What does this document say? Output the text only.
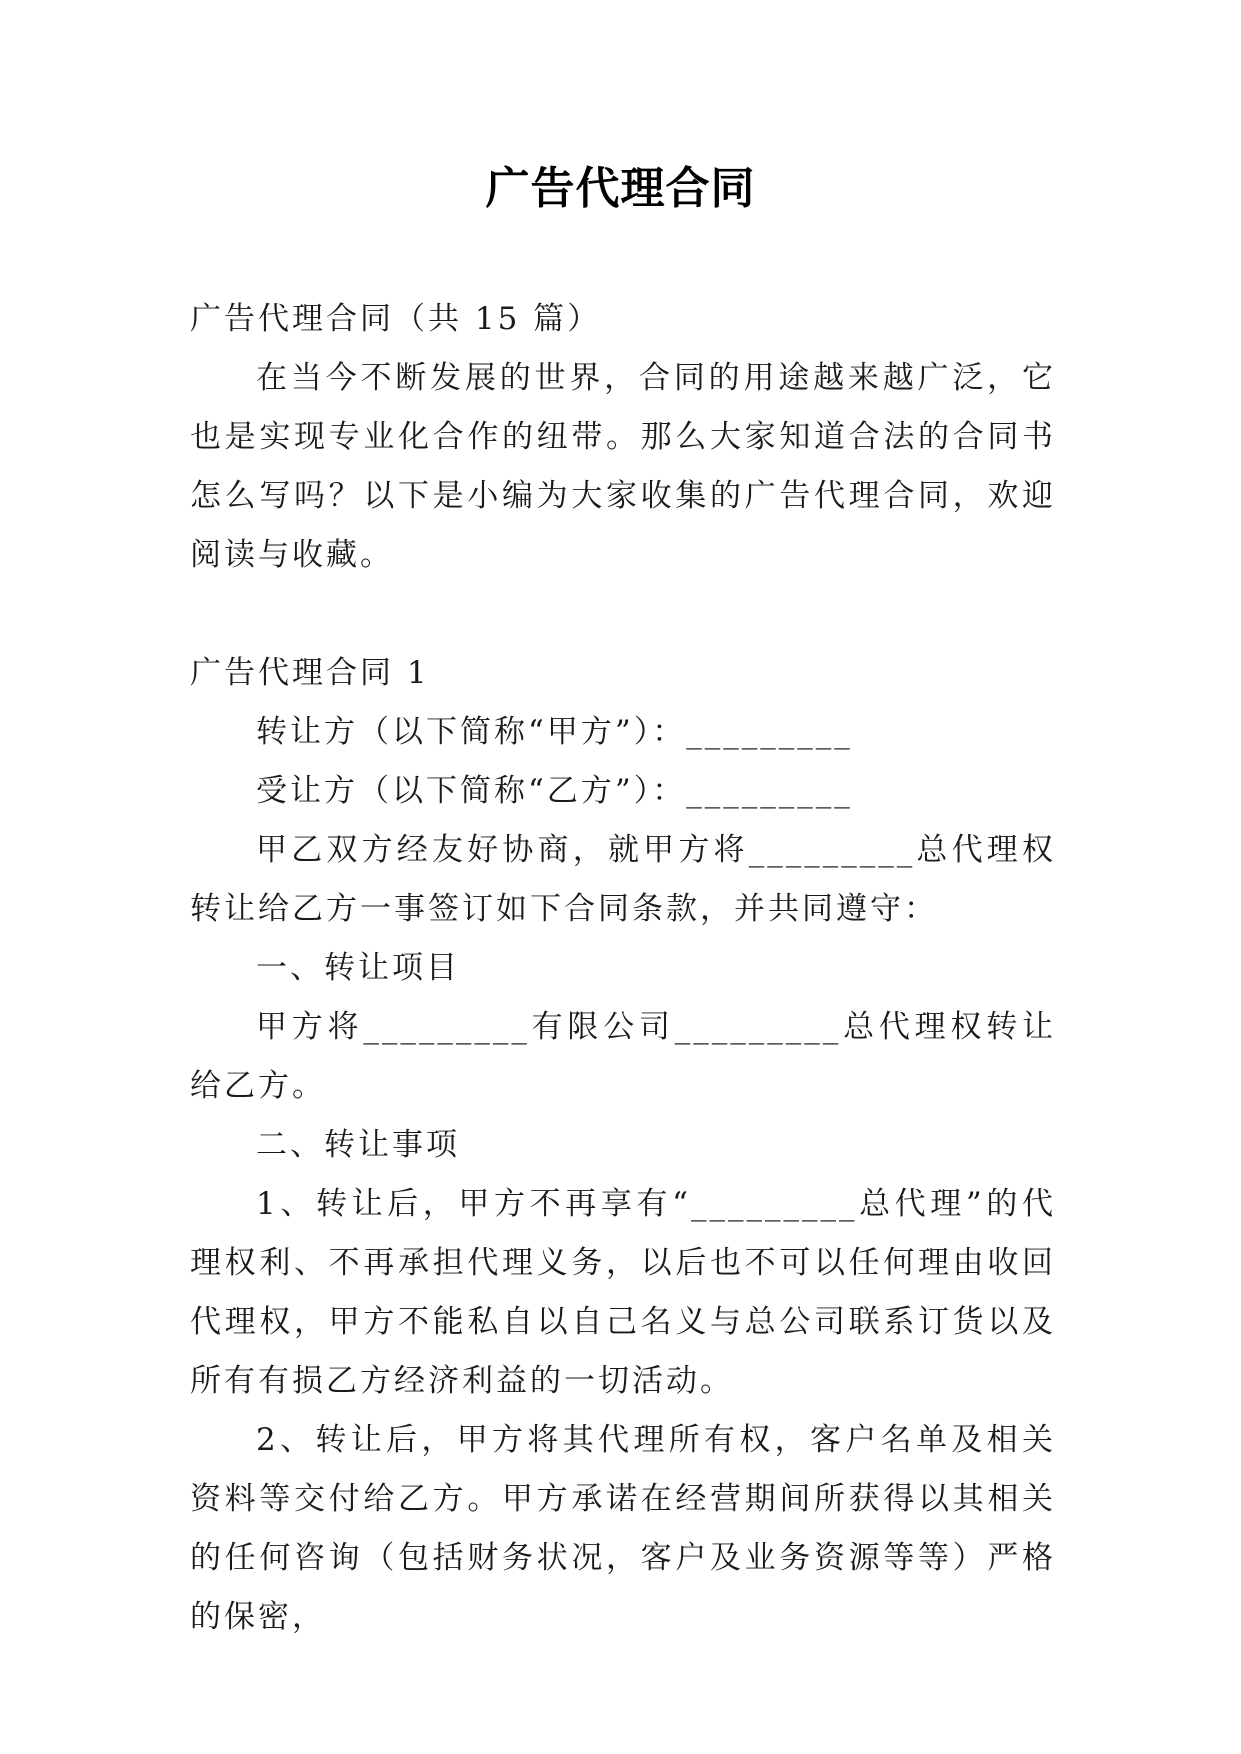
广告代理合同

广告代理合同（共 15 篇）

在当今不断发展的世界，合同的用途越来越广泛，它也是实现专业化合作的纽带。那么大家知道合法的合同书怎么写吗？以下是小编为大家收集的广告代理合同，欢迎阅读与收藏。

广告代理合同 1

转让方（以下简称“甲方”）：_________

受让方（以下简称“乙方”）：_________

甲乙双方经友好协商，就甲方将_________总代理权转让给乙方一事签订如下合同条款，并共同遵守：

一、转让项目

甲方将_________有限公司_________总代理权转让给乙方。

二、转让事项

1、转让后，甲方不再享有“_________总代理”的代理权利、不再承担代理义务，以后也不可以任何理由收回代理权，甲方不能私自以自己名义与总公司联系订货以及所有有损乙方经济利益的一切活动。

2、转让后，甲方将其代理所有权，客户名单及相关资料等交付给乙方。甲方承诺在经营期间所获得以其相关的任何咨询（包括财务状况，客户及业务资源等等）严格的保密，
